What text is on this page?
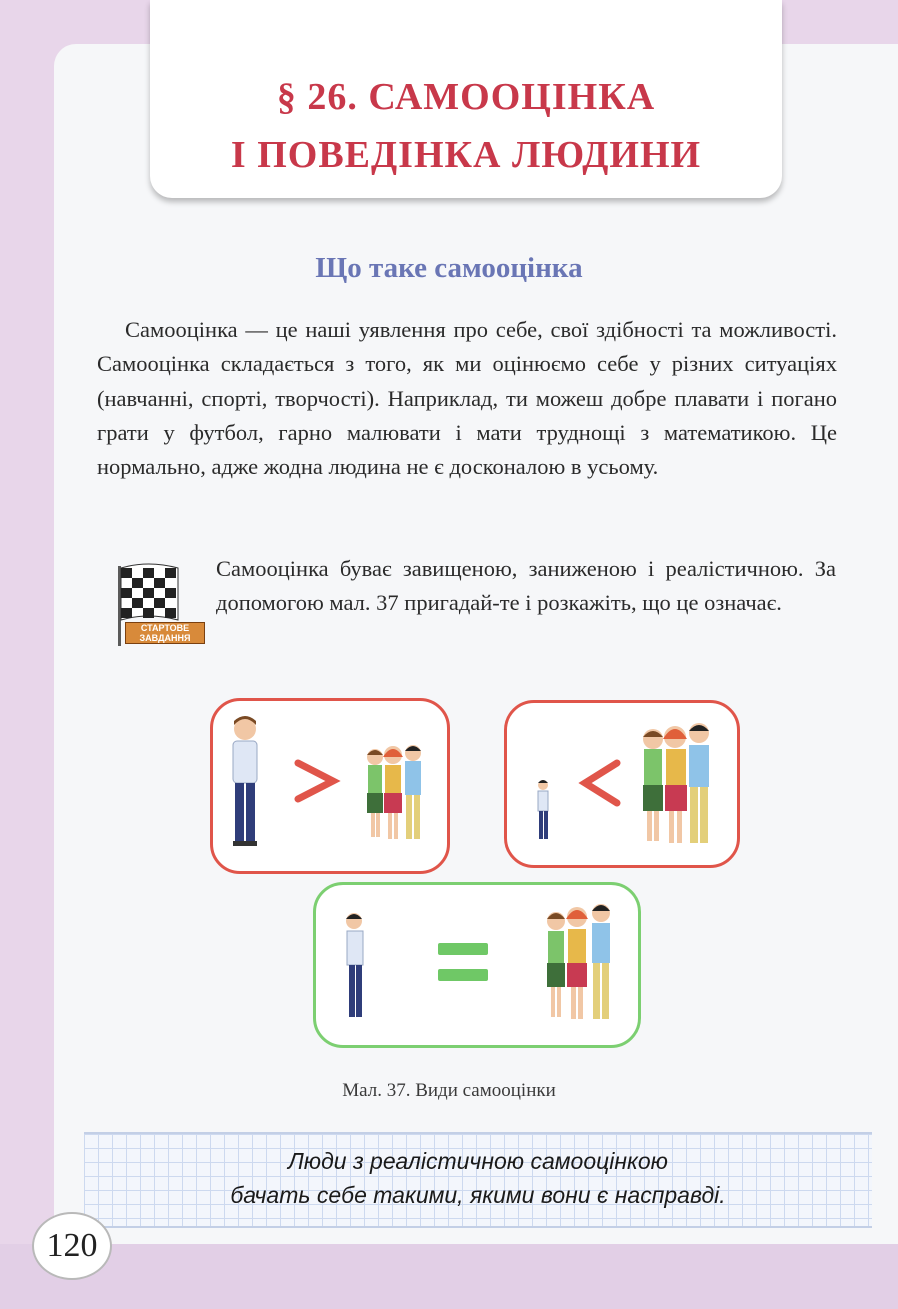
§ 26. САМООЦІНКА
І ПОВЕДІНКА ЛЮДИНИ
Що таке самооцінка

Самооцінка — це наші уявлення про себе, свої здібності та можливості. Самооцінка складається з того, як ми оцінюємо себе у різних ситуаціях (навчанні, спорті, творчості). Наприклад, ти можеш добре плавати і погано грати у футбол, гарно малювати і мати труднощі з математикою. Це нормально, адже жодна людина не є досконалою в усьому.

СТАРТОВЕ
ЗАВДАННЯ
Самооцінка буває завищеною, заниженою і реалістичною. За допомогою мал. 37 пригадай-те і розкажіть, що це означає.
Мал. 37. Види самооцінки
Люди з реалістичною самооцінкою
бачать себе такими, якими вони є насправді.
120
